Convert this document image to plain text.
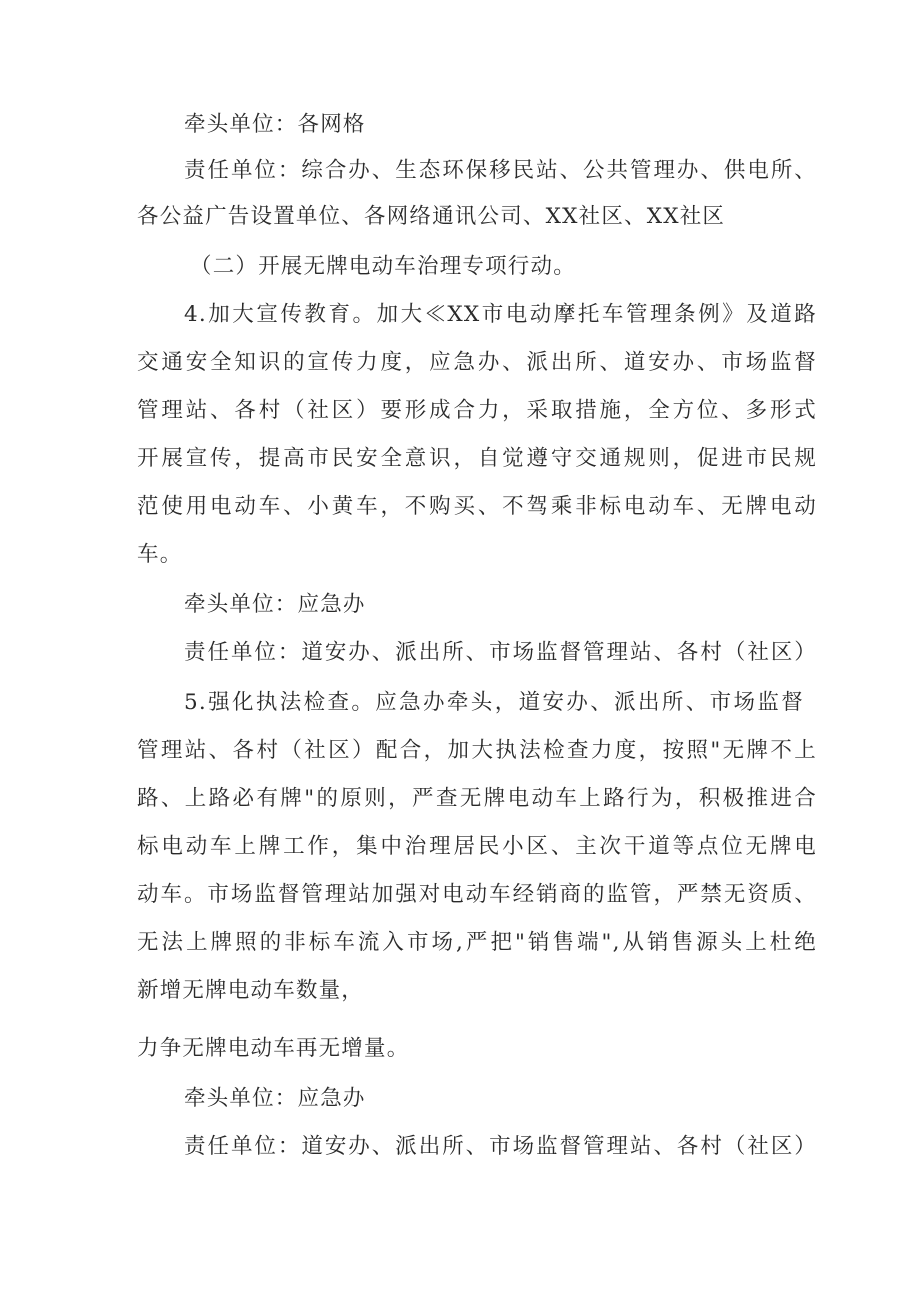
牵头单位：各网格
责任单位：综合办、生态环保移民站、公共管理办、供电所、
各公益广告设置单位、各网络通讯公司、XX社区、XX社区
（二）开展无牌电动车治理专项行动。
4.加大宣传教育。加大≪XX市电动摩托车管理条例》及道路
交通安全知识的宣传力度，应急办、派出所、道安办、市场监督
管理站、各村（社区）要形成合力，采取措施，全方位、多形式
开展宣传，提高市民安全意识，自觉遵守交通规则，促进市民规
范使用电动车、小黄车，不购买、不驾乘非标电动车、无牌电动
车。
牵头单位：应急办
责任单位：道安办、派出所、市场监督管理站、各村（社区）
5.强化执法检查。应急办牵头，道安办、派出所、市场监督
管理站、各村（社区）配合，加大执法检查力度，按照"无牌不上
路、上路必有牌"的原则，严查无牌电动车上路行为，积极推进合
标电动车上牌工作，集中治理居民小区、主次干道等点位无牌电
动车。市场监督管理站加强对电动车经销商的监管，严禁无资质、
无法上牌照的非标车流入市场,严把"销售端",从销售源头上杜绝
新增无牌电动车数量，
力争无牌电动车再无增量。
牵头单位：应急办
责任单位：道安办、派出所、市场监督管理站、各村（社区）
